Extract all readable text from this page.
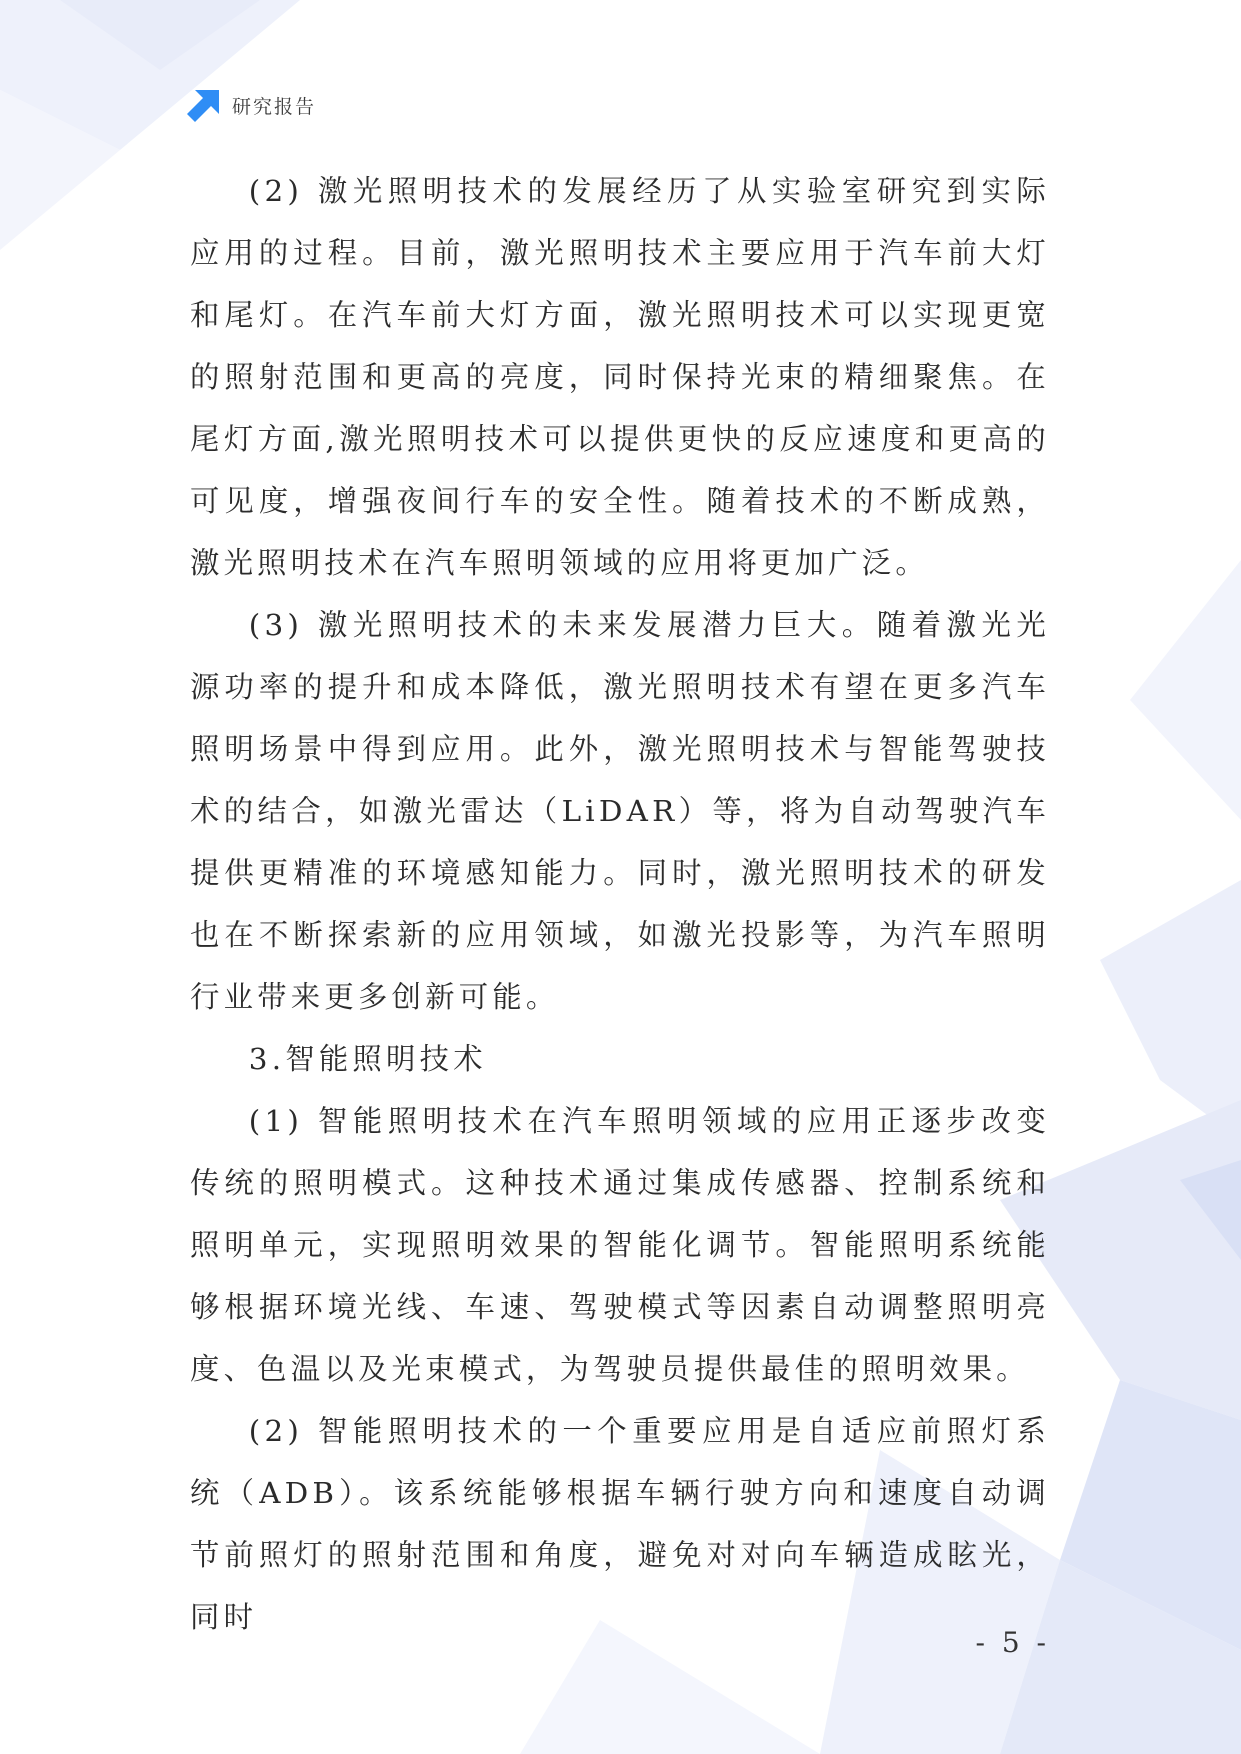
研究报告

(2) 激光照明技术的发展经历了从实验室研究到实际应用的过程。目前，激光照明技术主要应用于汽车前大灯和尾灯。在汽车前大灯方面，激光照明技术可以实现更宽的照射范围和更高的亮度，同时保持光束的精细聚焦。在尾灯方面,激光照明技术可以提供更快的反应速度和更高的可见度，增强夜间行车的安全性。随着技术的不断成熟，激光照明技术在汽车照明领域的应用将更加广泛。

(3) 激光照明技术的未来发展潜力巨大。随着激光光源功率的提升和成本降低，激光照明技术有望在更多汽车照明场景中得到应用。此外，激光照明技术与智能驾驶技术的结合，如激光雷达（LiDAR）等，将为自动驾驶汽车提供更精准的环境感知能力。同时，激光照明技术的研发也在不断探索新的应用领域，如激光投影等，为汽车照明行业带来更多创新可能。

3.智能照明技术

(1) 智能照明技术在汽车照明领域的应用正逐步改变传统的照明模式。这种技术通过集成传感器、控制系统和照明单元，实现照明效果的智能化调节。智能照明系统能够根据环境光线、车速、驾驶模式等因素自动调整照明亮度、色温以及光束模式，为驾驶员提供最佳的照明效果。

(2) 智能照明技术的一个重要应用是自适应前照灯系统（ADB）。该系统能够根据车辆行驶方向和速度自动调节前照灯的照射范围和角度，避免对对向车辆造成眩光，同时

- 5 -
